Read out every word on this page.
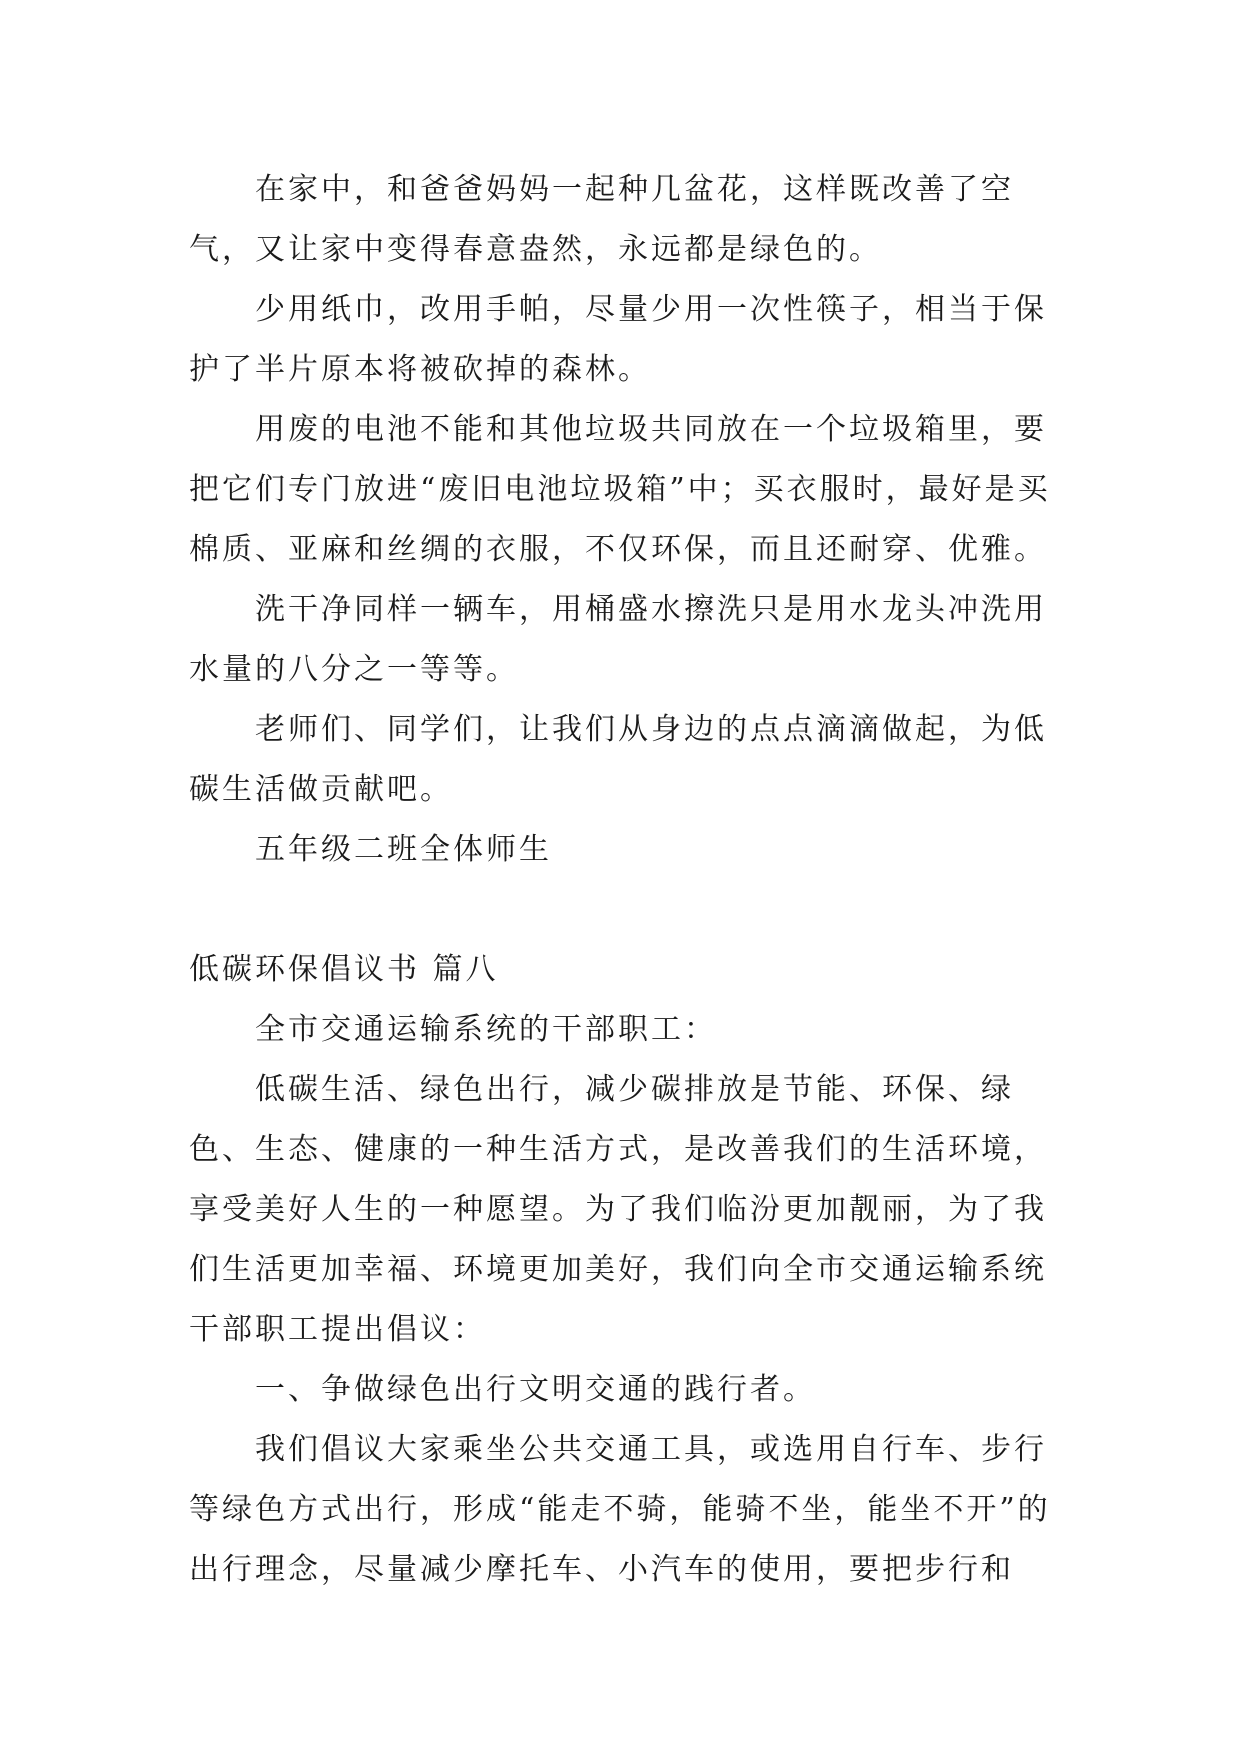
在家中，和爸爸妈妈一起种几盆花，这样既改善了空气，又让家中变得春意盎然，永远都是绿色的。

少用纸巾，改用手帕，尽量少用一次性筷子，相当于保护了半片原本将被砍掉的森林。

用废的电池不能和其他垃圾共同放在一个垃圾箱里，要把它们专门放进“废旧电池垃圾箱”中；买衣服时，最好是买棉质、亚麻和丝绸的衣服，不仅环保，而且还耐穿、优雅。

洗干净同样一辆车，用桶盛水擦洗只是用水龙头冲洗用水量的八分之一等等。

老师们、同学们，让我们从身边的点点滴滴做起，为低碳生活做贡献吧。

五年级二班全体师生

低碳环保倡议书 篇八

全市交通运输系统的干部职工：

低碳生活、绿色出行，减少碳排放是节能、环保、绿色、生态、健康的一种生活方式，是改善我们的生活环境，享受美好人生的一种愿望。为了我们临汾更加靓丽，为了我们生活更加幸福、环境更加美好，我们向全市交通运输系统干部职工提出倡议：

一、争做绿色出行文明交通的践行者。

我们倡议大家乘坐公共交通工具，或选用自行车、步行等绿色方式出行，形成“能走不骑，能骑不坐，能坐不开”的出行理念，尽量减少摩托车、小汽车的使用，要把步行和
